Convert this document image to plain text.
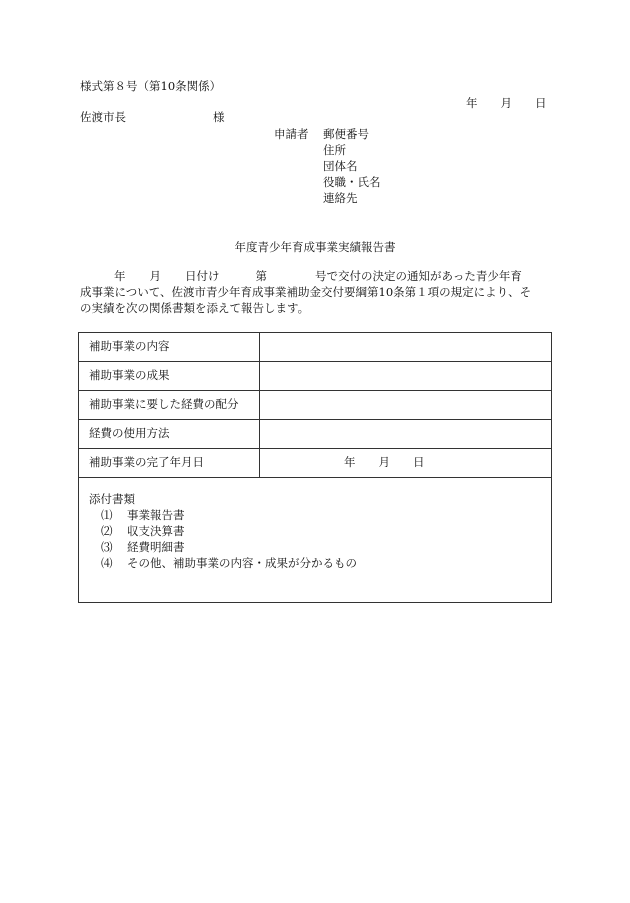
様式第８号（第10条関係）
年　　月　　日
佐渡市長	様
申請者 郵便番号
住所
団体名
役職・氏名
連絡先
年度青少年育成事業実績報告書

年 月 日付け	第	号で交付の決定の通知があった青少年育

成事業について、佐渡市青少年育成事業補助金交付要綱第10条第１項の規定により、そ

の実績を次の関係書類を添えて報告します。

補助事業の内容	
補助事業の成果	
補助事業に要した経費の配分	
経費の使用方法	
補助事業の完了年月日	年　　月　　日
添付書類
⑴ 事業報告書
⑵ 収支決算書
⑶ 経費明細書
⑷ その他、補助事業の内容・成果が分かるもの
